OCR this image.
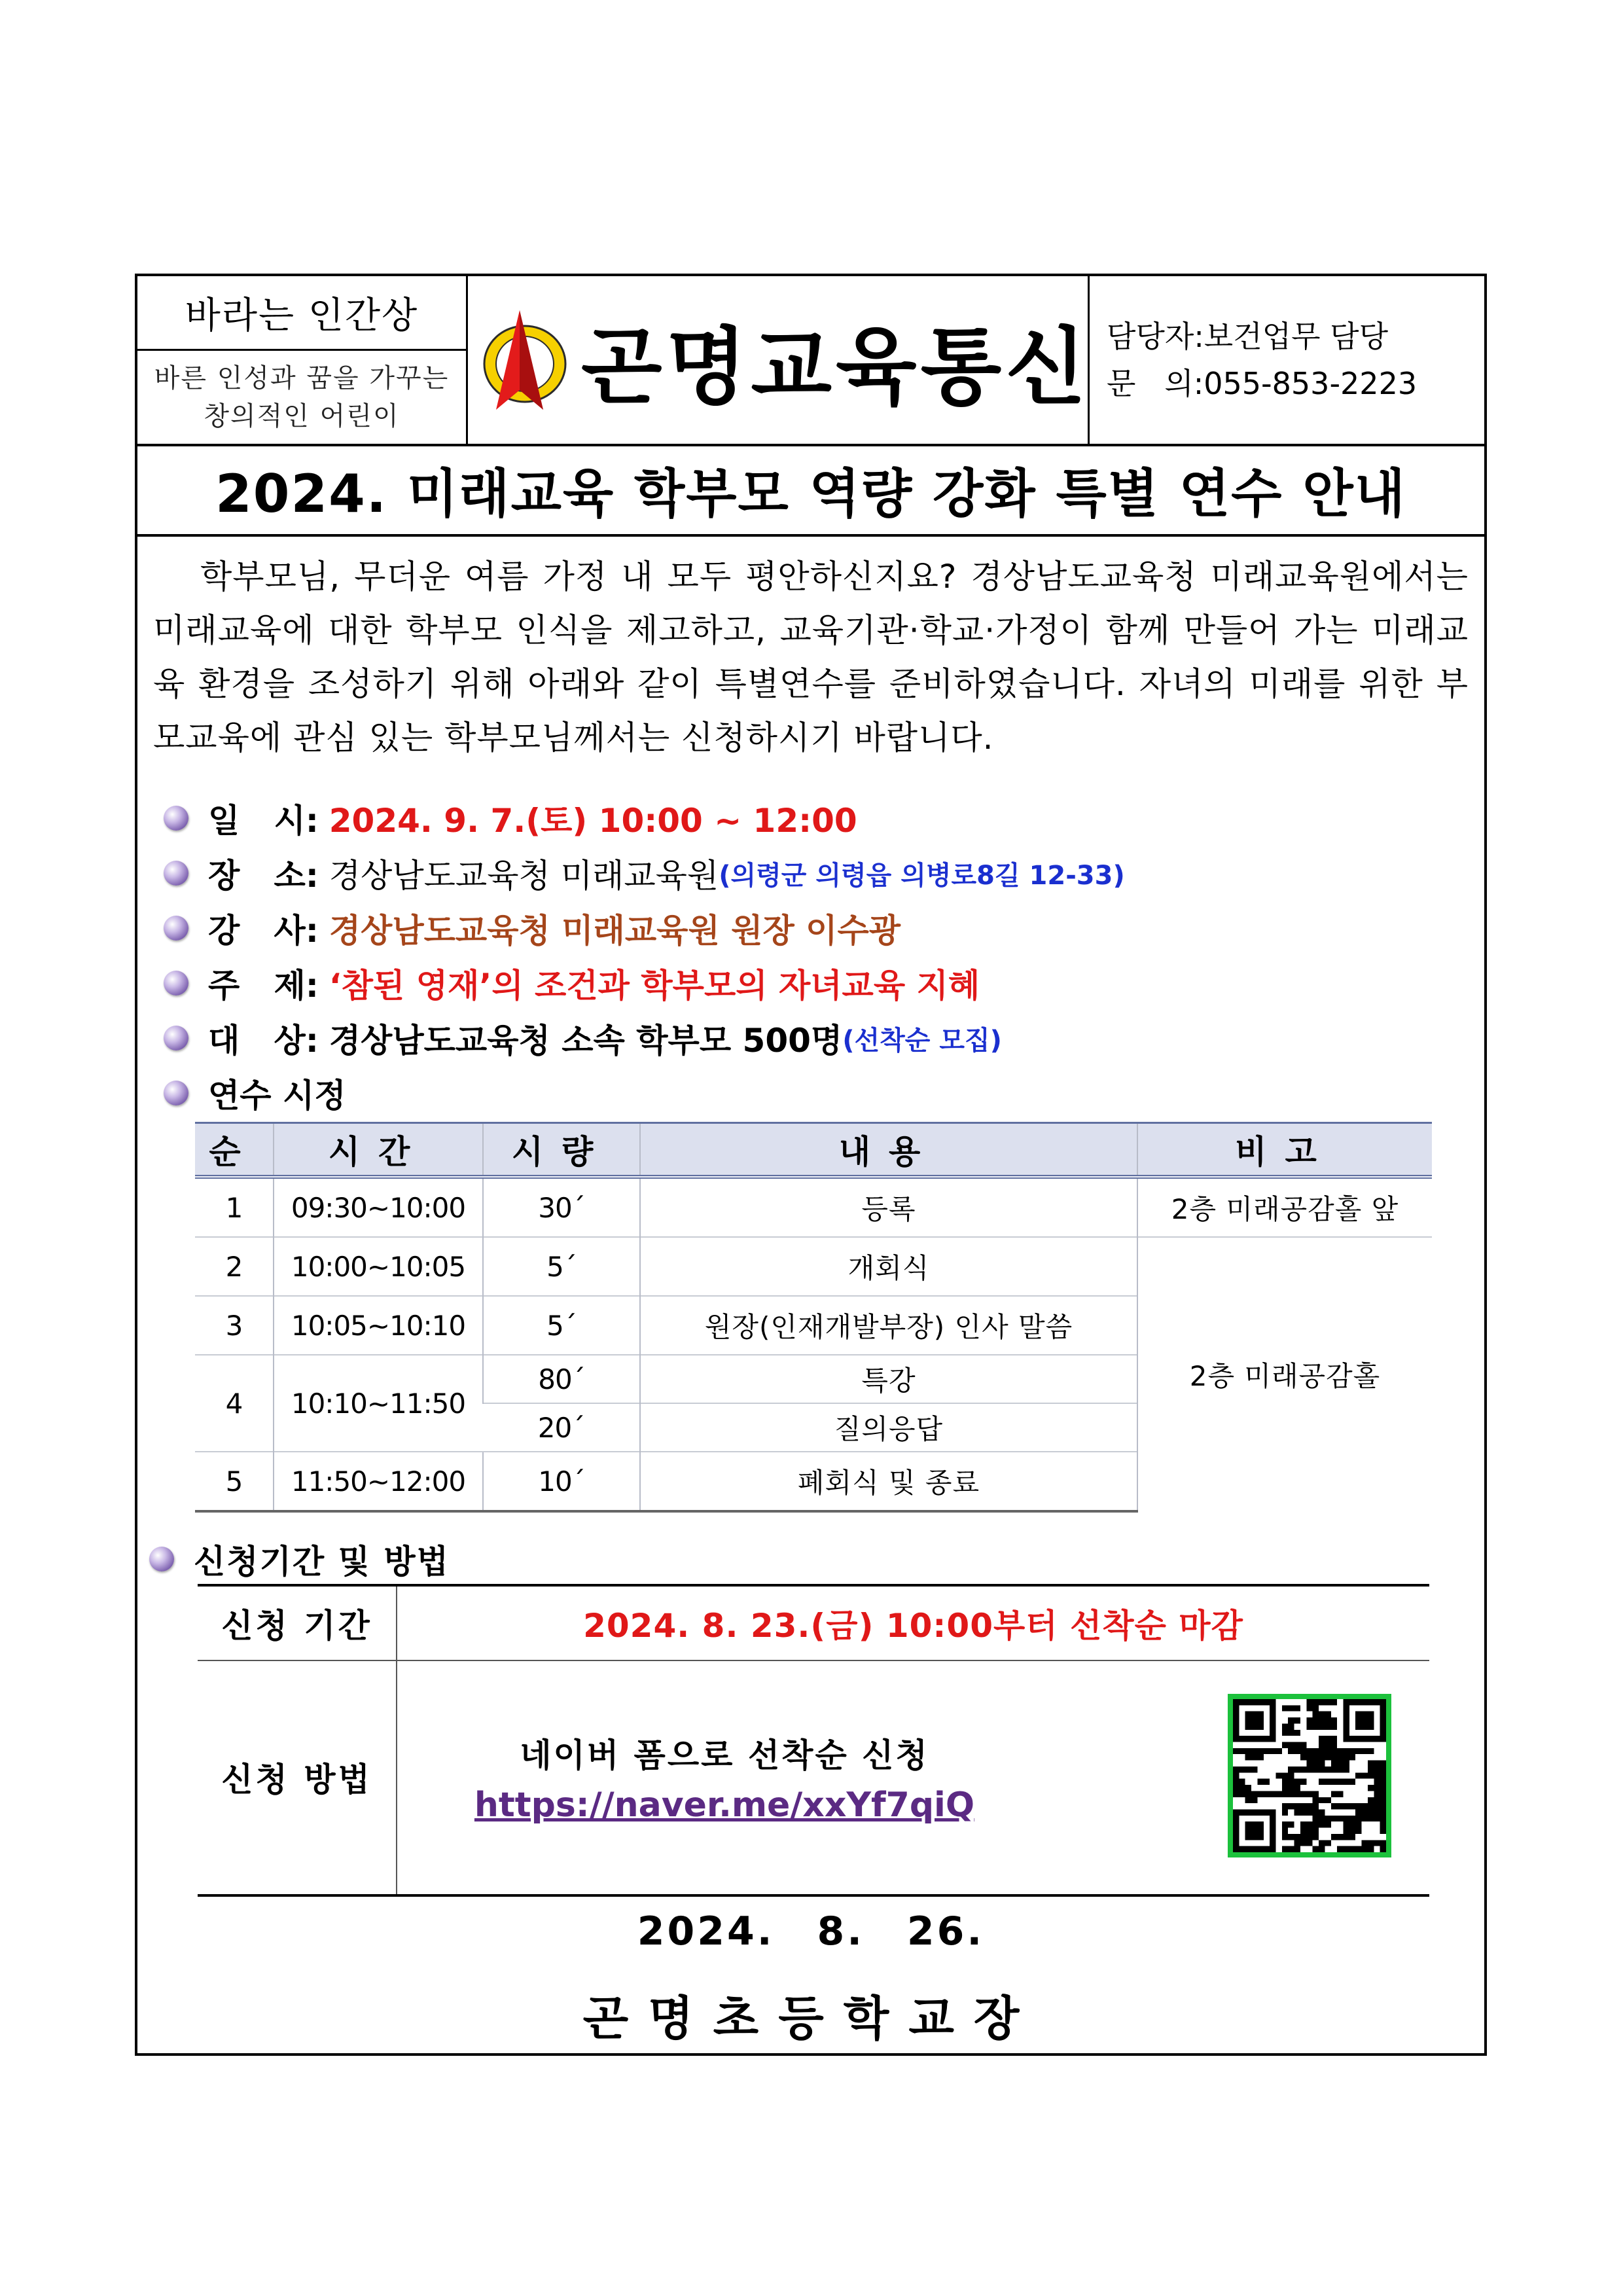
바라는 인간상
바른 인성과 꿈을 가꾸는
창의적인 어린이 곤명교육통신 담당자:보건업무 담당
문   의:055-853-2223
2024. 미래교육 학부모 역량 강화 특별 연수 안내
학부모님, 무더운 여름 가정 내 모두 평안하신지요? 경상남도교육청 미래교육원에서는 미래교육에 대한 학부모 인식을 제고하고, 교육기관·학교·가정이 함께 만들어 가는 미래교육 환경을 조성하기 위해 아래와 같이 특별연수를 준비하였습니다. 자녀의 미래를 위한 부모교육에 관심 있는 학부모님께서는 신청하시기 바랍니다.
일   시:
2024. 9. 7.(토) 10:00 ~ 12:00
장   소:
경상남도교육청 미래교육원 (의령군 의령읍 의병로8길 12-33)
강   사:
경상남도교육청 미래교육원 원장 이수광
주   제:
‘참된 영재’의 조건과 학부모의 자녀교육 지혜
대   상:
경상남도교육청 소속 학부모 500명 (선착순 모집)
연수 시정
순	시간	시량	내용	비고
1	09:30~10:00	30´	등록	2층 미래공감홀 앞
2	10:00~10:05	5´	개회식	2층 미래공감홀
3	10:05~10:10	5´	원장(인재개발부장) 인사 말씀	
4	10:10~11:50	80´	특강	
		20´	질의응답	
5	11:50~12:00	10´	폐회식 및 종료	
신청기간 및 방법
신청 기간	2024. 8. 23.(금) 10:00부터 선착순 마감
신청 방법
네이버 폼으로 선착순 신청
https://naver.me/xxYf7qiQ
2024. 8. 26.
곤명초등학교장
